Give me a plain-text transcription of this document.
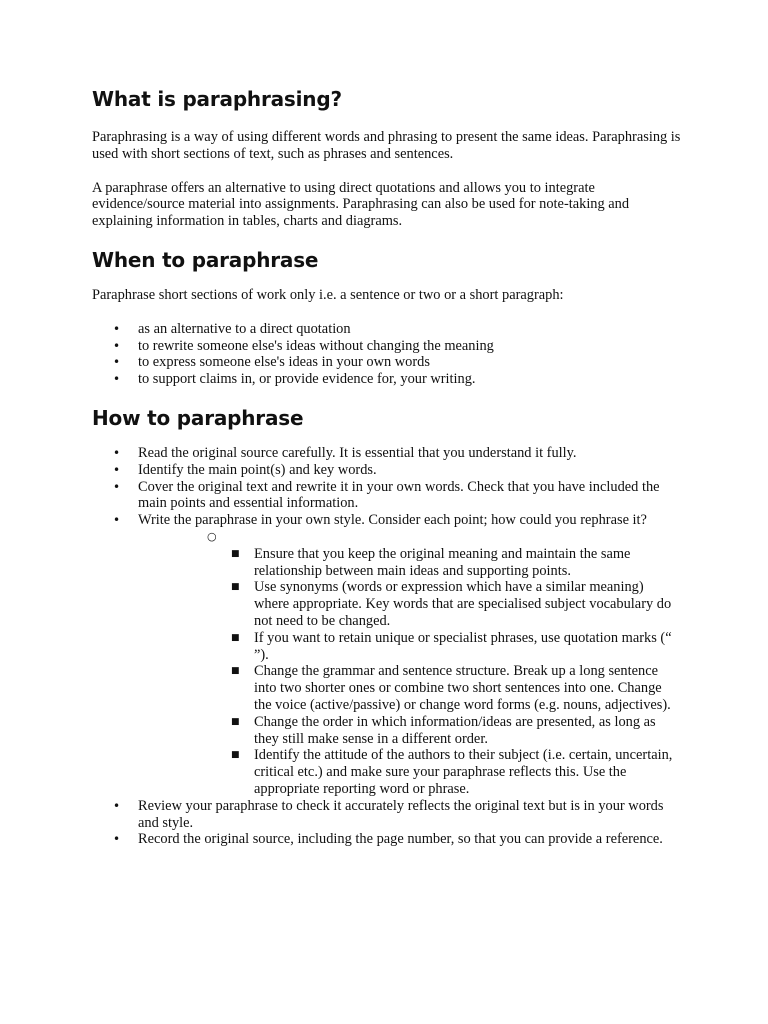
What is paraphrasing?

Paraphrasing is a way of using different words and phrasing to present the same ideas. Paraphrasing is used with short sections of text, such as phrases and sentences.

A paraphrase offers an alternative to using direct quotations and allows you to integrate evidence/source material into assignments. Paraphrasing can also be used for note-taking and explaining information in tables, charts and diagrams.

When to paraphrase

Paraphrase short sections of work only i.e. a sentence or two or a short paragraph:

• as an alternative to a direct quotation
• to rewrite someone else's ideas without changing the meaning
• to express someone else's ideas in your own words
• to support claims in, or provide evidence for, your writing.
How to paraphrase
• Read the original source carefully. It is essential that you understand it fully.
• Identify the main point(s) and key words.
• Cover the original text and rewrite it in your own words. Check that you have included the main points and essential information.
• Write the paraphrase in your own style. Consider each point; how could you rephrase it?
○
■ Ensure that you keep the original meaning and maintain the same relationship between main ideas and supporting points.
■ Use synonyms (words or expression which have a similar meaning) where appropriate. Key words that are specialised subject vocabulary do not need to be changed.
■ If you want to retain unique or specialist phrases, use quotation marks (“ ”).
■ Change the grammar and sentence structure. Break up a long sentence into two shorter ones or combine two short sentences into one. Change the voice (active/passive) or change word forms (e.g. nouns, adjectives).
■ Change the order in which information/ideas are presented, as long as they still make sense in a different order.
■ Identify the attitude of the authors to their subject (i.e. certain, uncertain, critical etc.) and make sure your paraphrase reflects this. Use the appropriate reporting word or phrase.
• Review your paraphrase to check it accurately reflects the original text but is in your words and style.
• Record the original source, including the page number, so that you can provide a reference.
